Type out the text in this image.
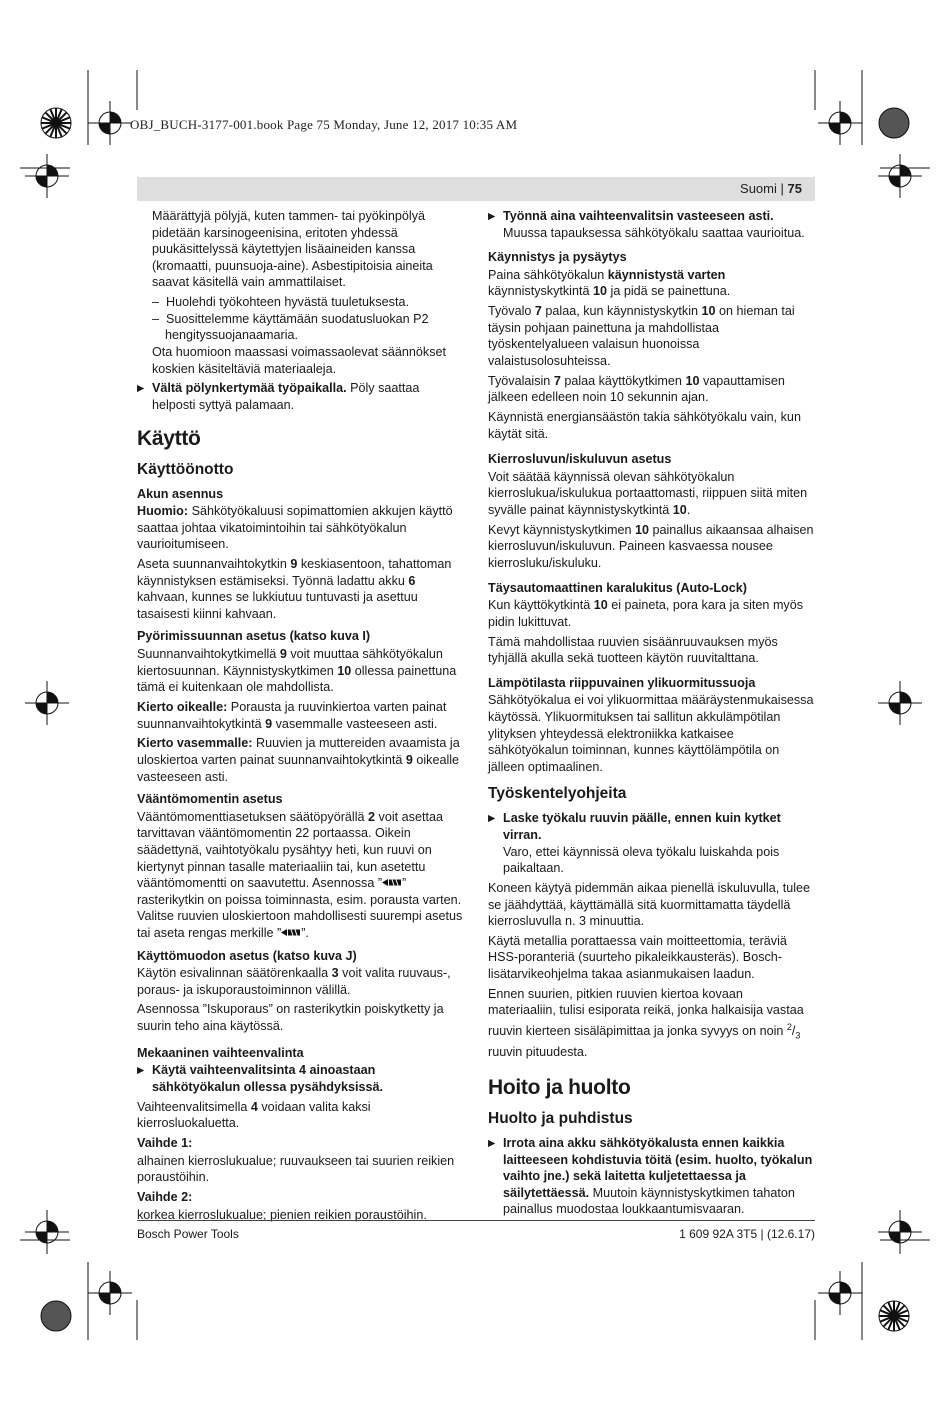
OBJ_BUCH-3177-001.book Page 75 Monday, June 12, 2017 10:35 AM
Suomi | 75

Määrättyjä pölyjä, kuten tammen- tai pyökinpölyä pidetään karsinogeenisina, eritoten yhdessä puukäsittelyssä käytettyjen lisäaineiden kanssa (kromaatti, puunsuoja-aine). Asbestipitoisia aineita saavat käsitellä vain ammattilaiset.

–  Huolehdi työkohteen hyvästä tuuletuksesta.

–  Suosittelemme käyttämään suodatusluokan P2 hengityssuojanaamaria.

Ota huomioon maassasi voimassaolevat säännökset koskien käsiteltäviä materiaaleja.

▶ Vältä pölynkertymää työpaikalla. Pöly saattaa helposti syttyä palamaan.
Käyttö
Käyttöönotto
Akun asennus

Huomio: Sähkötyökaluusi sopimattomien akkujen käyttö saattaa johtaa vikatoimintoihin tai sähkötyökalun vaurioitumiseen.

Aseta suunnanvaihtokytkin 9 keskiasentoon, tahattoman käynnistyksen estämiseksi. Työnnä ladattu akku 6 kahvaan, kunnes se lukkiutuu tuntuvasti ja asettuu tasaisesti kiinni kahvaan.

Pyörimissuunnan asetus (katso kuva I)

Suunnanvaihtokytkimellä 9 voit muuttaa sähkötyökalun kiertosuunnan. Käynnistyskytkimen 10 ollessa painettuna tämä ei kuitenkaan ole mahdollista.

Kierto oikealle: Porausta ja ruuvinkiertoa varten painat suunnanvaihtokytkintä 9 vasemmalle vasteeseen asti.

Kierto vasemmalle: Ruuvien ja muttereiden avaamista ja uloskiertoa varten painat suunnanvaihtokytkintä 9 oikealle vasteeseen asti.

Vääntömomentin asetus

Vääntömomenttiasetuksen säätöpyörällä 2 voit asettaa tarvittavan vääntömomentin 22 portaassa. Oikein säädettynä, vaihtotyökalu pysähtyy heti, kun ruuvi on kiertynyt pinnan tasalle materiaaliin tai, kun asetettu vääntömomentti on saavutettu. Asennossa ” ” rasterikytkin on poissa toiminnasta, esim. porausta varten.

Valitse ruuvien uloskiertoon mahdollisesti suurempi asetus tai aseta rengas merkille ” ”.

Käyttömuodon asetus (katso kuva J)

Käytön esivalinnan säätörenkaalla 3 voit valita ruuvaus-, poraus- ja iskuporaustoiminnon välillä.

Asennossa ”Iskuporaus” on rasterikytkin poiskytketty ja suurin teho aina käytössä.

Mekaaninen vaihteenvalinta
▶ Käytä vaihteenvalitsinta 4 ainoastaan sähkötyökalun ollessa pysähdyksissä.

Vaihteenvalitsimella 4 voidaan valita kaksi kierrosluokaluetta.

Vaihde 1:

alhainen kierroslukualue; ruuvaukseen tai suurien reikien poraustöihin.

Vaihde 2:

korkea kierroslukualue; pienien reikien poraustöihin.

▶ Työnnä aina vaihteenvalitsin vasteeseen asti. Muussa tapauksessa sähkötyökalu saattaa vaurioitua.
Käynnistys ja pysäytys

Paina sähkötyökalun käynnistystä varten käynnistyskytkintä 10 ja pidä se painettuna.

Työvalo 7 palaa, kun käynnistyskytkin 10 on hieman tai täysin pohjaan painettuna ja mahdollistaa työskentelyalueen valaisun huonoissa valaistusolosuhteissa.

Työvalaisin 7 palaa käyttökytkimen 10 vapauttamisen jälkeen edelleen noin 10 sekunnin ajan.

Käynnistä energiansäästön takia sähkötyökalu vain, kun käytät sitä.

Kierrosluvun/iskuluvun asetus

Voit säätää käynnissä olevan sähkötyökalun kierroslukua/iskulukua portaattomasti, riippuen siitä miten syvälle painat käynnistyskytkintä 10.

Kevyt käynnistyskytkimen 10 painallus aikaansaa alhaisen kierrosluvun/iskuluvun. Paineen kasvaessa nousee kierrosluku/iskuluku.

Täysautomaattinen karalukitus (Auto-Lock)

Kun käyttökytkintä 10 ei paineta, pora kara ja siten myös pidin lukittuvat.

Tämä mahdollistaa ruuvien sisäänruuvauksen myös tyhjällä akulla sekä tuotteen käytön ruuvitalttana.

Lämpötilasta riippuvainen ylikuormitussuoja

Sähkötyökalua ei voi ylikuormittaa määräystenmukaisessa käytössä. Ylikuormituksen tai sallitun akkulämpötilan ylityksen yhteydessä elektroniikka katkaisee sähkötyökalun toiminnan, kunnes käyttölämpötila on jälleen optimaalinen.

Työskentelyohjeita
▶ Laske työkalu ruuvin päälle, ennen kuin kytket virran.

Varo, ettei käynnissä oleva työkalu luiskahda pois paikaltaan.

Koneen käytyä pidemmän aikaa pienellä iskuluvulla, tulee se jäähdyttää, käyttämällä sitä kuormittamatta täydellä kierrosluvulla n. 3 minuuttia.

Käytä metallia porattaessa vain moitteettomia, teräviä HSS-poranteriä (suurteho pikaleikkausteräs). Bosch-lisätarvikeohjelma takaa asianmukaisen laadun.

Ennen suurien, pitkien ruuvien kiertoa kovaan materiaaliin, tulisi esiporata reikä, jonka halkaisija vastaa ruuvin kierteen sisäläpimittaa ja jonka syvyys on noin $^2/_3$ ruuvin pituudesta.

Hoito ja huolto
Huolto ja puhdistus
▶ Irrota aina akku sähkötyökalusta ennen kaikkia laitteeseen kohdistuvia töitä (esim. huolto, työkalun vaihto jne.) sekä laitetta kuljetettaessa ja säilytettäessä. Muutoin käynnistyskytkimen tahaton painallus muodostaa loukkaantumisvaaran.
Bosch Power Tools	1 609 92A 3T5 | (12.6.17)
